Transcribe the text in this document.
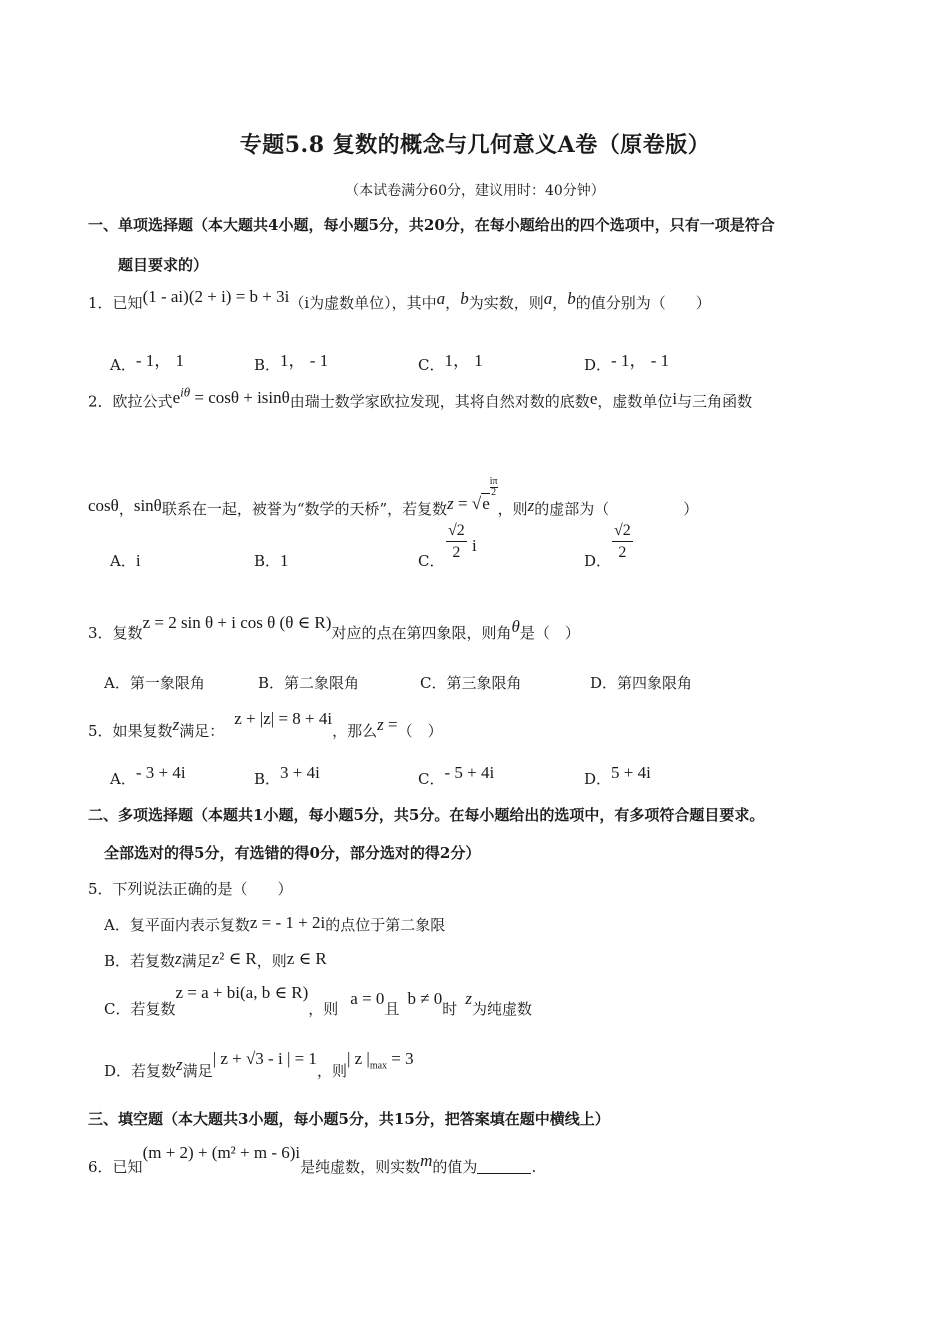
专题5.8 复数的概念与几何意义A卷（原卷版）
（本试卷满分60分，建议用时：40分钟）
一、单项选择题（本大题共4小题，每小题5分，共20分，在每小题给出的四个选项中，只有一项是符合
题目要求的）
1．已知(1 - ai)(2 + i) = b + 3i（i为虚数单位），其中a，b为实数，则a，b的值分别为（　　）
A．- 1， 1	B．1， - 1	C．1， 1	D．- 1， - 1
2．欧拉公式$e^{i\theta} = \cos\theta + isin\theta$由瑞士数学家欧拉发现，其将自然对数的底数e，虚数单位i与三角函数
cosθ，sinθ联系在一起，被誉为“数学的天桥”，若复数z = √e
$\frac{i\pi}{2}$
，则z的虚部为（	）
A．i	B．1	C． $\frac{√2}{2}$ i
D． $\frac{√2}{2}$
3．复数z = 2 sin θ + i cos θ (θ ∈ R)对应的点在第四象限，则角θ是（　）
A．第一象限角	B．第二象限角	C．第三象限角	D．第四象限角
5．如果复数z满足：z + |z| = 8 + 4i，那么z =（　）
A．- 3 + 4i	B．3 + 4i	C．- 5 + 4i	D．5 + 4i
二、多项选择题（本题共1小题，每小题5分，共5分。在每小题给出的选项中，有多项符合题目要求。
全部选对的得5分，有选错的得0分，部分选对的得2分）
5．下列说法正确的是（　　）
A．复平面内表示复数z = - 1 + 2i的点位于第二象限
B．若复数z满足z² ∈ R，则z ∈ R
C．若复数z = a + bi(a, b ∈ R)，则a = 0且b ≠ 0时z为纯虚数
D．若复数z满足| z + √3 - i | = 1，则| z $|_{max} = 3$
三、填空题（本大题共3小题，每小题5分，共15分，把答案填在题中横线上）
6．已知(m + 2) + (m² + m - 6)i是纯虚数，则实数m的值为	.
